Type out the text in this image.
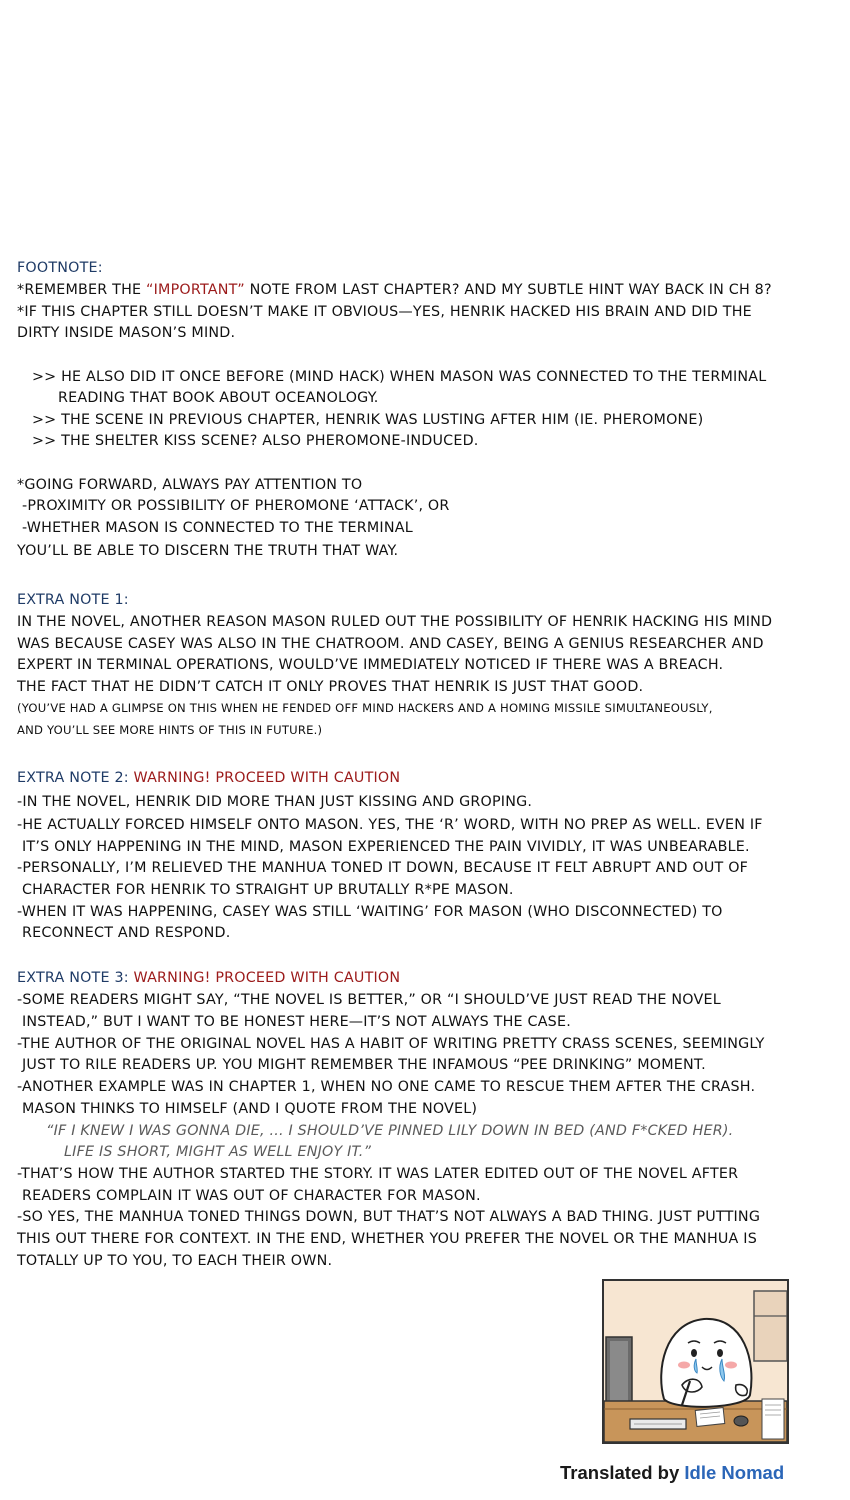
FOOTNOTE:
*REMEMBER THE “IMPORTANT” NOTE FROM LAST CHAPTER? AND MY SUBTLE HINT WAY BACK IN CH 8?
*IF THIS CHAPTER STILL DOESN’T MAKE IT OBVIOUS—YES, HENRIK HACKED HIS BRAIN AND DID THE
DIRTY INSIDE MASON’S MIND.
>> HE ALSO DID IT ONCE BEFORE (MIND HACK) WHEN MASON WAS CONNECTED TO THE TERMINAL
READING THAT BOOK ABOUT OCEANOLOGY.
>> THE SCENE IN PREVIOUS CHAPTER, HENRIK WAS LUSTING AFTER HIM (IE. PHEROMONE)
>> THE SHELTER KISS SCENE? ALSO PHEROMONE-INDUCED.
*GOING FORWARD, ALWAYS PAY ATTENTION TO
-PROXIMITY OR POSSIBILITY OF PHEROMONE ‘ATTACK’, OR
-WHETHER MASON IS CONNECTED TO THE TERMINAL
YOU’LL BE ABLE TO DISCERN THE TRUTH THAT WAY.
EXTRA NOTE 1:
IN THE NOVEL, ANOTHER REASON MASON RULED OUT THE POSSIBILITY OF HENRIK HACKING HIS MIND
WAS BECAUSE CASEY WAS ALSO IN THE CHATROOM. AND CASEY, BEING A GENIUS RESEARCHER AND
EXPERT IN TERMINAL OPERATIONS, WOULD’VE IMMEDIATELY NOTICED IF THERE WAS A BREACH.
THE FACT THAT HE DIDN’T CATCH IT ONLY PROVES THAT HENRIK IS JUST THAT GOOD.
(YOU’VE HAD A GLIMPSE ON THIS WHEN HE FENDED OFF MIND HACKERS AND A HOMING MISSILE SIMULTANEOUSLY,
AND YOU’LL SEE MORE HINTS OF THIS IN FUTURE.)
EXTRA NOTE 2: WARNING! PROCEED WITH CAUTION
-IN THE NOVEL, HENRIK DID MORE THAN JUST KISSING AND GROPING.
-HE ACTUALLY FORCED HIMSELF ONTO MASON. YES, THE ‘R’ WORD, WITH NO PREP AS WELL. EVEN IF
IT’S ONLY HAPPENING IN THE MIND, MASON EXPERIENCED THE PAIN VIVIDLY, IT WAS UNBEARABLE.
-PERSONALLY, I’M RELIEVED THE MANHUA TONED IT DOWN, BECAUSE IT FELT ABRUPT AND OUT OF
CHARACTER FOR HENRIK TO STRAIGHT UP BRUTALLY R*PE MASON.
-WHEN IT WAS HAPPENING, CASEY WAS STILL ‘WAITING’ FOR MASON (WHO DISCONNECTED) TO
RECONNECT AND RESPOND.
EXTRA NOTE 3: WARNING! PROCEED WITH CAUTION
-SOME READERS MIGHT SAY, “THE NOVEL IS BETTER,” OR “I SHOULD’VE JUST READ THE NOVEL
INSTEAD,” BUT I WANT TO BE HONEST HERE—IT’S NOT ALWAYS THE CASE.
-THE AUTHOR OF THE ORIGINAL NOVEL HAS A HABIT OF WRITING PRETTY CRASS SCENES, SEEMINGLY
JUST TO RILE READERS UP. YOU MIGHT REMEMBER THE INFAMOUS “PEE DRINKING” MOMENT.
-ANOTHER EXAMPLE WAS IN CHAPTER 1, WHEN NO ONE CAME TO RESCUE THEM AFTER THE CRASH.
MASON THINKS TO HIMSELF (AND I QUOTE FROM THE NOVEL)
“IF I KNEW I WAS GONNA DIE, ... I SHOULD’VE PINNED LILY DOWN IN BED (AND F*CKED HER).
LIFE IS SHORT, MIGHT AS WELL ENJOY IT.”
-THAT’S HOW THE AUTHOR STARTED THE STORY. IT WAS LATER EDITED OUT OF THE NOVEL AFTER
READERS COMPLAIN IT WAS OUT OF CHARACTER FOR MASON.
-SO YES, THE MANHUA TONED THINGS DOWN, BUT THAT’S NOT ALWAYS A BAD THING. JUST PUTTING
THIS OUT THERE FOR CONTEXT. IN THE END, WHETHER YOU PREFER THE NOVEL OR THE MANHUA IS
TOTALLY UP TO YOU, TO EACH THEIR OWN.
Translated by Idle Nomad
